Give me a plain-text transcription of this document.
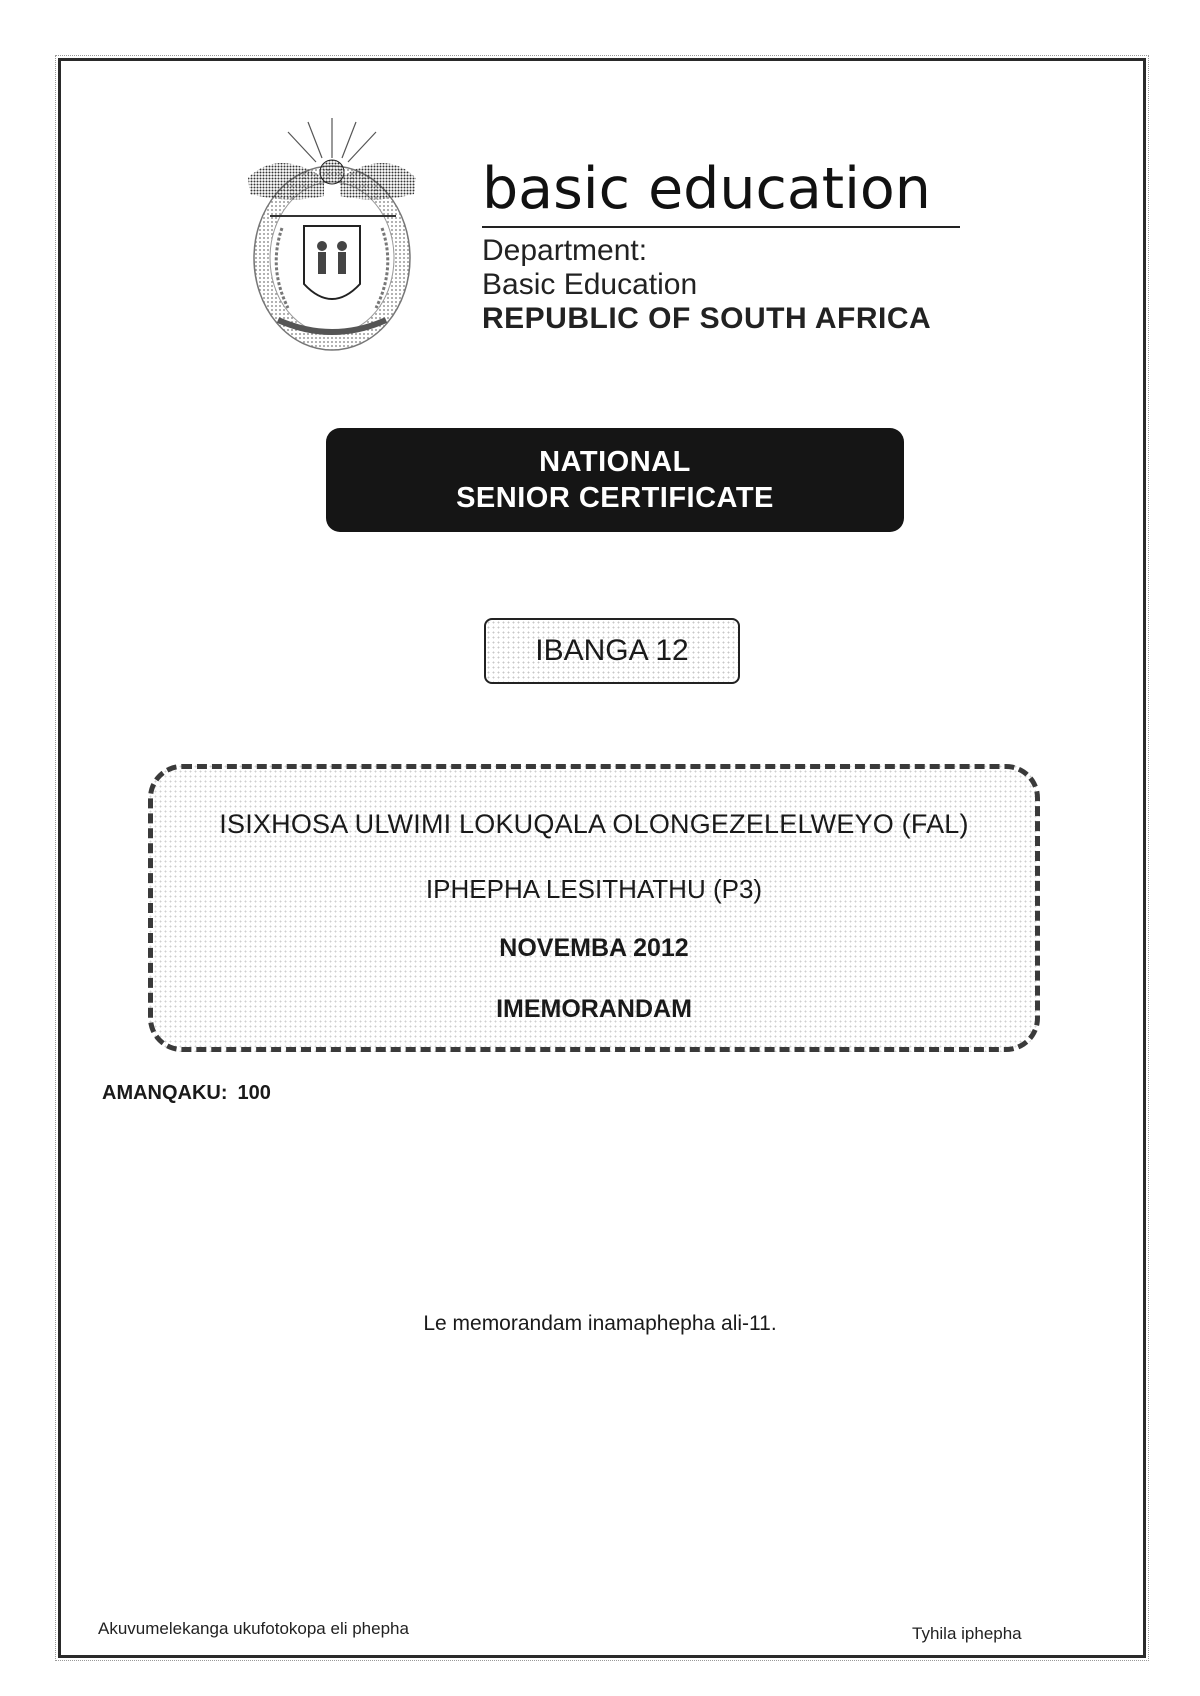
basic education
Department:
Basic Education
REPUBLIC OF SOUTH AFRICA
NATIONAL
SENIOR CERTIFICATE
IBANGA 12
ISIXHOSA ULWIMI LOKUQALA OLONGEZELELWEYO (FAL)
IPHEPHA LESITHATHU (P3)
NOVEMBA 2012
IMEMORANDAM
AMANQAKU: 100
Le memorandam inamaphepha ali-11.
Akuvumelekanga ukufotokopa eli phepha	Tyhila iphepha
